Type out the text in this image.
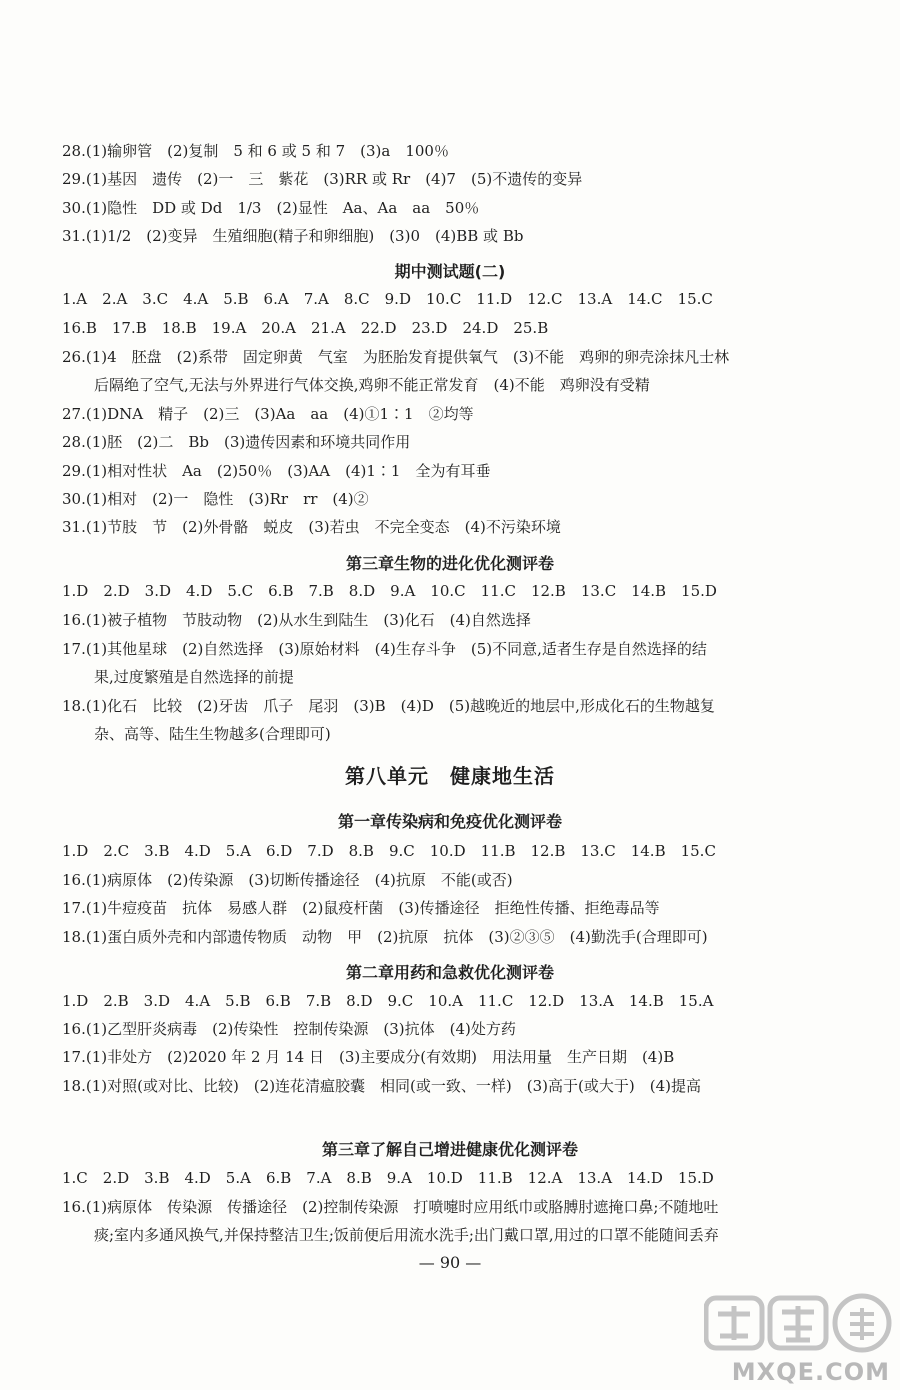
28.(1)输卵管　(2)复制　5 和 6 或 5 和 7　(3)a　100％
29.(1)基因　遗传　(2)一　三　紫花　(3)RR 或 Rr　(4)7　(5)不遗传的变异
30.(1)隐性　DD 或 Dd　1/3　(2)显性　Aa、Aa　aa　50％
31.(1)1/2　(2)变异　生殖细胞(精子和卵细胞)　(3)0　(4)BB 或 Bb
期中测试题(二)
1.A　2.A　3.C　4.A　5.B　6.A　7.A　8.C　9.D　10.C　11.D　12.C　13.A　14.C　15.C
16.B　17.B　18.B　19.A　20.A　21.A　22.D　23.D　24.D　25.B
26.(1)4　胚盘　(2)系带　固定卵黄　气室　为胚胎发育提供氧气　(3)不能　鸡卵的卵壳涂抹凡士林
后隔绝了空气,无法与外界进行气体交换,鸡卵不能正常发育　(4)不能　鸡卵没有受精
27.(1)DNA　精子　(2)三　(3)Aa　aa　(4)①1∶1　②均等
28.(1)胚　(2)二　Bb　(3)遗传因素和环境共同作用
29.(1)相对性状　Aa　(2)50％　(3)AA　(4)1∶1　全为有耳垂
30.(1)相对　(2)一　隐性　(3)Rr　rr　(4)②
31.(1)节肢　节　(2)外骨骼　蜕皮　(3)若虫　不完全变态　(4)不污染环境
第三章生物的进化优化测评卷
1.D　2.D　3.D　4.D　5.C　6.B　7.B　8.D　9.A　10.C　11.C　12.B　13.C　14.B　15.D
16.(1)被子植物　节肢动物　(2)从水生到陆生　(3)化石　(4)自然选择
17.(1)其他星球　(2)自然选择　(3)原始材料　(4)生存斗争　(5)不同意,适者生存是自然选择的结
果,过度繁殖是自然选择的前提
18.(1)化石　比较　(2)牙齿　爪子　尾羽　(3)B　(4)D　(5)越晚近的地层中,形成化石的生物越复
杂、高等、陆生生物越多(合理即可)
第八单元　健康地生活
第一章传染病和免疫优化测评卷
1.D　2.C　3.B　4.D　5.A　6.D　7.D　8.B　9.C　10.D　11.B　12.B　13.C　14.B　15.C
16.(1)病原体　(2)传染源　(3)切断传播途径　(4)抗原　不能(或否)
17.(1)牛痘疫苗　抗体　易感人群　(2)鼠疫杆菌　(3)传播途径　拒绝性传播、拒绝毒品等
18.(1)蛋白质外壳和内部遗传物质　动物　甲　(2)抗原　抗体　(3)②③⑤　(4)勤洗手(合理即可)
第二章用药和急救优化测评卷
1.D　2.B　3.D　4.A　5.B　6.B　7.B　8.D　9.C　10.A　11.C　12.D　13.A　14.B　15.A
16.(1)乙型肝炎病毒　(2)传染性　控制传染源　(3)抗体　(4)处方药
17.(1)非处方　(2)2020 年 2 月 14 日　(3)主要成分(有效期)　用法用量　生产日期　(4)B
18.(1)对照(或对比、比较)　(2)连花清瘟胶囊　相同(或一致、一样)　(3)高于(或大于)　(4)提高
第三章了解自己增进健康优化测评卷
1.C　2.D　3.B　4.D　5.A　6.B　7.A　8.B　9.A　10.D　11.B　12.A　13.A　14.D　15.D
16.(1)病原体　传染源　传播途径　(2)控制传染源　打喷嚏时应用纸巾或胳膊肘遮掩口鼻;不随地吐
痰;室内多通风换气,并保持整洁卫生;饭前便后用流水洗手;出门戴口罩,用过的口罩不能随间丢弃
— 90 —
MXQE.COM
